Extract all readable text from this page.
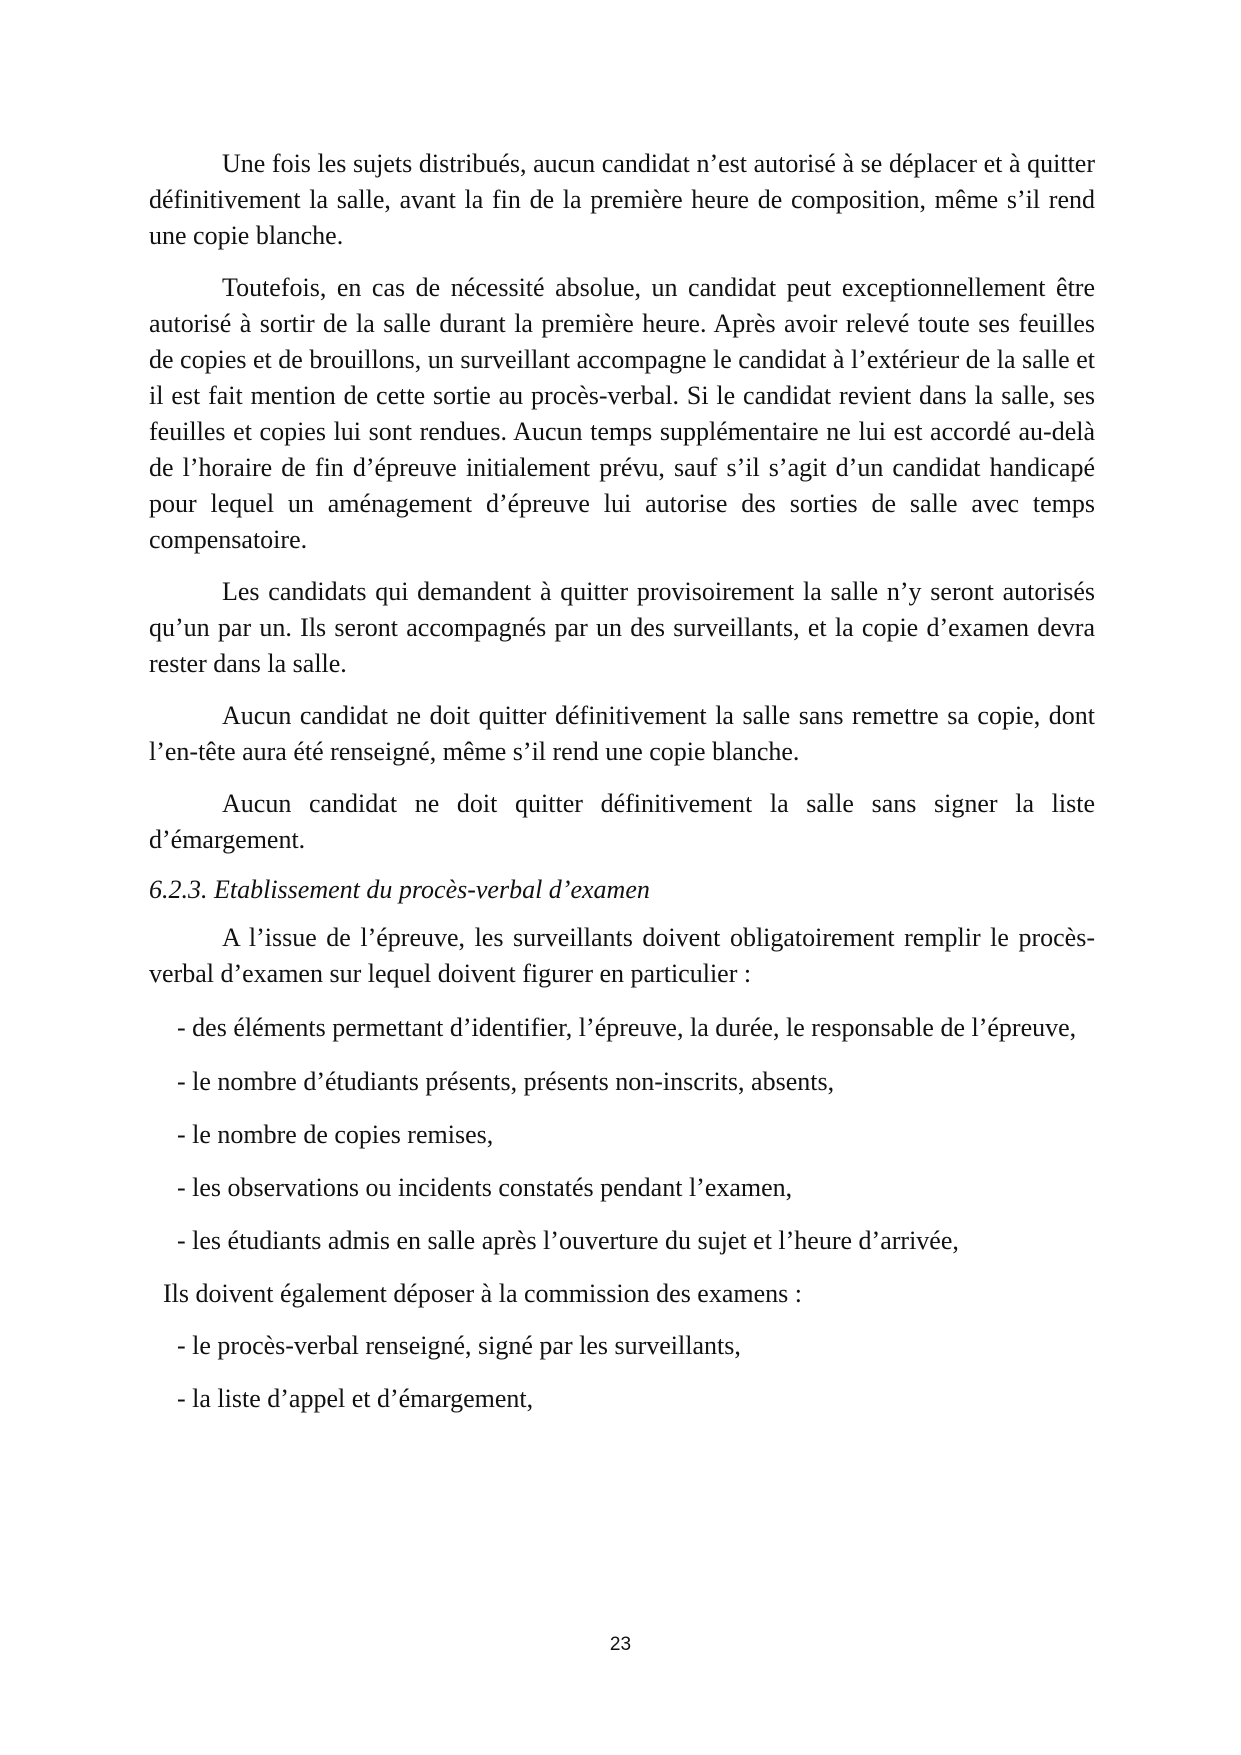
Une fois les sujets distribués, aucun candidat n’est autorisé à se déplacer et à quitter définitivement la salle, avant la fin de la première heure de composition, même s’il rend une copie blanche.

Toutefois, en cas de nécessité absolue, un candidat peut exceptionnellement être autorisé à sortir de la salle durant la première heure. Après avoir relevé toute ses feuilles de copies et de brouillons, un surveillant accompagne le candidat à l’extérieur de la salle et il est fait mention de cette sortie au procès-verbal. Si le candidat revient dans la salle, ses feuilles et copies lui sont rendues. Aucun temps supplémentaire ne lui est accordé au-delà de l’horaire de fin d’épreuve initialement prévu, sauf s’il s’agit d’un candidat handicapé pour lequel un aménagement d’épreuve lui autorise des sorties de salle avec temps compensatoire.

Les candidats qui demandent à quitter provisoirement la salle n’y seront autorisés qu’un par un. Ils seront accompagnés par un des surveillants, et la copie d’examen devra rester dans la salle.

Aucun candidat ne doit quitter définitivement la salle sans remettre sa copie, dont l’en-tête aura été renseigné, même s’il rend une copie blanche.

Aucun candidat ne doit quitter définitivement la salle sans signer la liste d’émargement.

6.2.3. Etablissement du procès-verbal d’examen

A l’issue de l’épreuve, les surveillants doivent obligatoirement remplir le procès-verbal d’examen sur lequel doivent figurer en particulier :

- des éléments permettant d’identifier, l’épreuve, la durée, le responsable de l’épreuve,
- le nombre d’étudiants présents, présents non-inscrits, absents,
- le nombre de copies remises,
- les observations ou incidents constatés pendant l’examen,
- les étudiants admis en salle après l’ouverture du sujet et l’heure d’arrivée,

Ils doivent également déposer à la commission des examens :

- le procès-verbal renseigné, signé par les surveillants,
- la liste d’appel et d’émargement,
23
